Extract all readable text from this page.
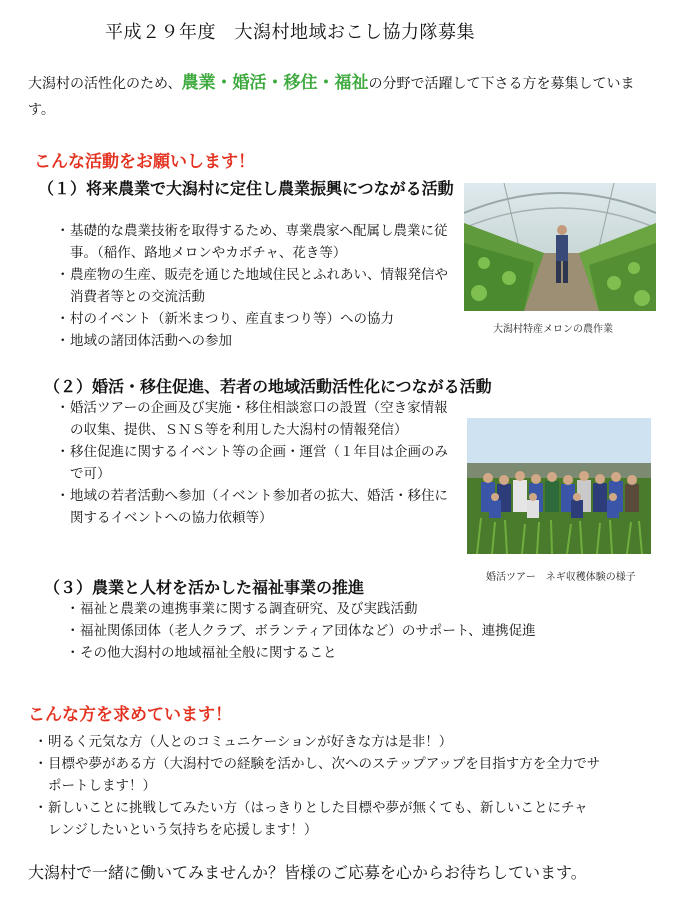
平成２９年度　大潟村地域おこし協力隊募集
大潟村の活性化のため、農業・婚活・移住・福祉の分野で活躍して下さる方を募集しています。
こんな活動をお願いします！
（１）将来農業で大潟村に定住し農業振興につながる活動
・ 基礎的な農業技術を取得するため、専業農家へ配属し農業に従事。（稲作、路地メロンやカボチャ、花き等）
・ 農産物の生産、販売を通じた地域住民とふれあい、情報発信や消費者等との交流活動
・ 村のイベント（新米まつり、産直まつり等）への協力
・ 地域の諸団体活動への参加
大潟村特産メロンの農作業
（２）婚活・移住促進、若者の地域活動活性化につながる活動
・ 婚活ツアーの企画及び実施・移住相談窓口の設置（空き家情報の収集、提供、ＳＮＳ等を利用した大潟村の情報発信）
・ 移住促進に関するイベント等の企画・運営（１年目は企画のみで可）
・ 地域の若者活動へ参加（イベント参加者の拡大、婚活・移住に関するイベントへの協力依頼等）
婚活ツアー　ネギ収穫体験の様子
（３）農業と人材を活かした福祉事業の推進
・ 福祉と農業の連携事業に関する調査研究、及び実践活動
・ 福祉関係団体（老人クラブ、ボランティア団体など）のサポート、連携促進
・ その他大潟村の地域福祉全般に関すること
こんな方を求めています！
・ 明るく元気な方（人とのコミュニケーションが好きな方は是非！）
・ 目標や夢がある方（大潟村での経験を活かし、次へのステップアップを目指す方を全力でサポートします！）
・ 新しいことに挑戦してみたい方（はっきりとした目標や夢が無くても、新しいことにチャレンジしたいという気持ちを応援します！）
大潟村で一緒に働いてみませんか？皆様のご応募を心からお待ちしています。
